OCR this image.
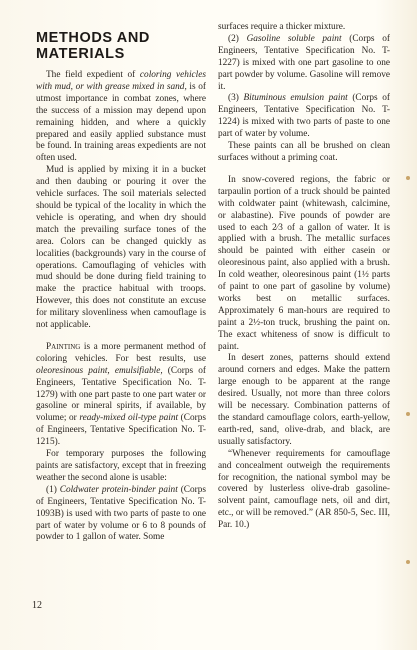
METHODS AND MATERIALS

The field expedient of coloring vehicles with mud, or with grease mixed in sand, is of utmost importance in combat zones, where the success of a mission may depend upon remaining hidden, and where a quickly prepared and easily applied substance must be found. In training areas expedients are not often used.

Mud is applied by mixing it in a bucket and then daubing or pouring it over the vehicle surfaces. The soil materials selected should be typical of the locality in which the vehicle is operating, and when dry should match the prevailing surface tones of the area. Colors can be changed quickly as localities (backgrounds) vary in the course of operations. Camouflaging of vehicles with mud should be done during field training to make the practice habitual with troops. However, this does not constitute an excuse for military slovenliness when camouflage is not applicable.

Painting is a more permanent method of coloring vehicles. For best results, use oleoresinous paint, emulsifiable, (Corps of Engineers, Tentative Specification No. T-1279) with one part paste to one part water or gasoline or mineral spirits, if available, by volume; or ready-mixed oil-type paint (Corps of Engineers, Tentative Specification No. T-1215).

For temporary purposes the following paints are satisfactory, except that in freezing weather the second alone is usable:

(1) Coldwater protein-binder paint (Corps of Engineers, Tentative Specification No. T-1093B) is used with two parts of paste to one part of water by volume or 6 to 8 pounds of powder to 1 gallon of water. Some

surfaces require a thicker mixture.

(2) Gasoline soluble paint (Corps of Engineers, Tentative Specification No. T-1227) is mixed with one part gasoline to one part powder by volume. Gasoline will remove it.

(3) Bituminous emulsion paint (Corps of Engineers, Tentative Specification No. T-1224) is mixed with two parts of paste to one part of water by volume.

These paints can all be brushed on clean surfaces without a priming coat.

In snow-covered regions, the fabric or tarpaulin portion of a truck should be painted with coldwater paint (whitewash, calcimine, or alabastine). Five pounds of powder are used to each 2⁄3 of a gallon of water. It is applied with a brush. The metallic surfaces should be painted with either casein or oleoresinous paint, also applied with a brush. In cold weather, oleoresinous paint (1½ parts of paint to one part of gasoline by volume) works best on metallic surfaces. Approximately 6 man-hours are required to paint a 2½-ton truck, brushing the paint on. The exact whiteness of snow is difficult to paint.

In desert zones, patterns should extend around corners and edges. Make the pattern large enough to be apparent at the range desired. Usually, not more than three colors will be necessary. Combination patterns of the standard camouflage colors, earth-yellow, earth-red, sand, olive-drab, and black, are usually satisfactory.

“Whenever requirements for camouflage and concealment outweigh the requirements for recognition, the national symbol may be covered by lusterless olive-drab gasoline-solvent paint, camouflage nets, oil and dirt, etc., or will be removed.” (AR 850-5, Sec. III, Par. 10.)

12
